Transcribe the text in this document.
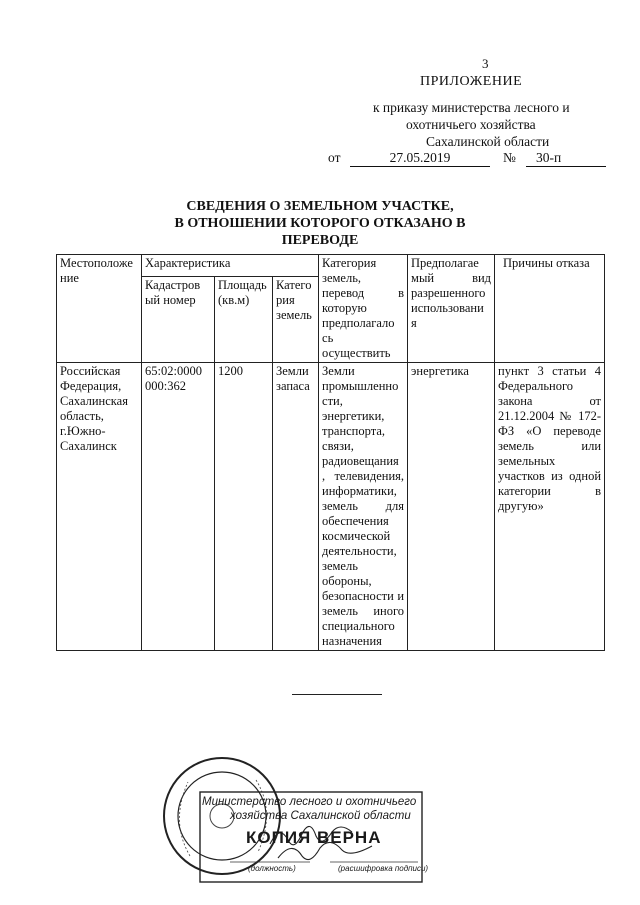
3
ПРИЛОЖЕНИЕ
к приказу министерства лесного и
охотничьего хозяйства
Сахалинской области
от	27.05.2019	№	30-п
СВЕДЕНИЯ О ЗЕМЕЛЬНОМ УЧАСТКЕ,
В ОТНОШЕНИИ КОТОРОГО ОТКАЗАНО В
ПЕРЕВОДЕ
Местоположе ние	Характеристика			Категория земель, перевод в которую предполагало сь осуществить	Предполагае мый вид разрешенного использовани я	Причины отказа
	Кадастров ый номер	Площадь (кв.м)	Катего рия земель			
Российская Федерация, Сахалинская область, г.Южно-Сахалинск	65:02:0000 000:362	1200	Земли запаса	Земли промышленно сти, энергетики, транспорта, связи, радиовещания , телевидения, информатики, земель для обеспечения космической деятельности, земель обороны, безопасности и земель иного специального назначения	энергетика	пункт 3 статьи 4 Федерального закона от 21.12.2004 № 172-ФЗ «О переводе земель или земельных участков из одной категории в другую»
Министерство лесного и охотничьего
хозяйства Сахалинской области
КОПИЯ ВЕРНА
(должность)	(расшифровка подписи)
